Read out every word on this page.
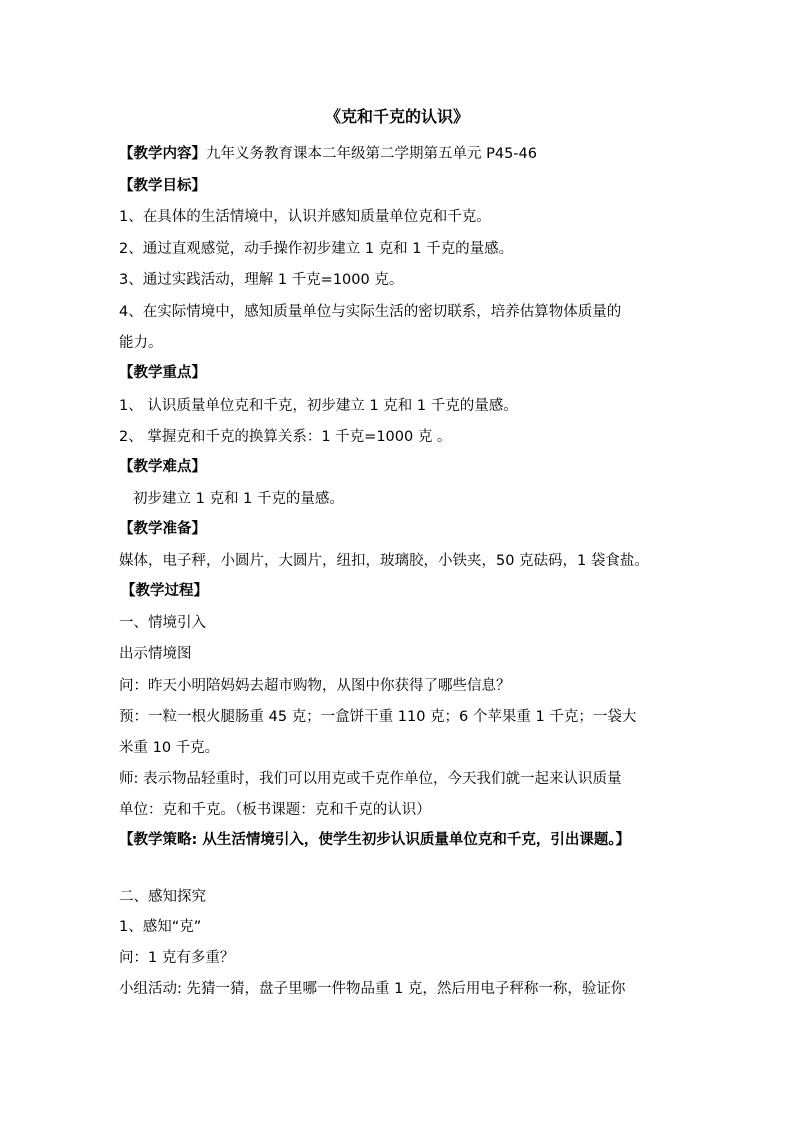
《克和千克的认识》
【教学内容】九年义务教育课本二年级第二学期第五单元 P45-46
【教学目标】
1、在具体的生活情境中，认识并感知质量单位克和千克。
2、通过直观感觉，动手操作初步建立 1 克和 1 千克的量感。
3、通过实践活动，理解 1 千克=1000 克。
4、在实际情境中，感知质量单位与实际生活的密切联系，培养估算物体质量的
能力。
【教学重点】
1、 认识质量单位克和千克，初步建立 1 克和 1 千克的量感。
2、 掌握克和千克的换算关系：1 千克=1000 克 。
【教学难点】
初步建立 1 克和 1 千克的量感。
【教学准备】
媒体，电子秤，小圆片，大圆片，纽扣，玻璃胶，小铁夹，50 克砝码，1 袋食盐。
【教学过程】
一、情境引入
出示情境图
问：昨天小明陪妈妈去超市购物，从图中你获得了哪些信息？
预：一粒一根火腿肠重 45 克；一盒饼干重 110 克；6 个苹果重 1 千克；一袋大
米重 10 千克。
师: 表示物品轻重时，我们可以用克或千克作单位，今天我们就一起来认识质量
单位：克和千克。（板书课题：克和千克的认识）
【教学策略: 从生活情境引入，使学生初步认识质量单位克和千克，引出课题。】
二、感知探究
1、感知“克”
问：1 克有多重？
小组活动: 先猜一猜，盘子里哪一件物品重 1 克，然后用电子秤称一称，验证你
